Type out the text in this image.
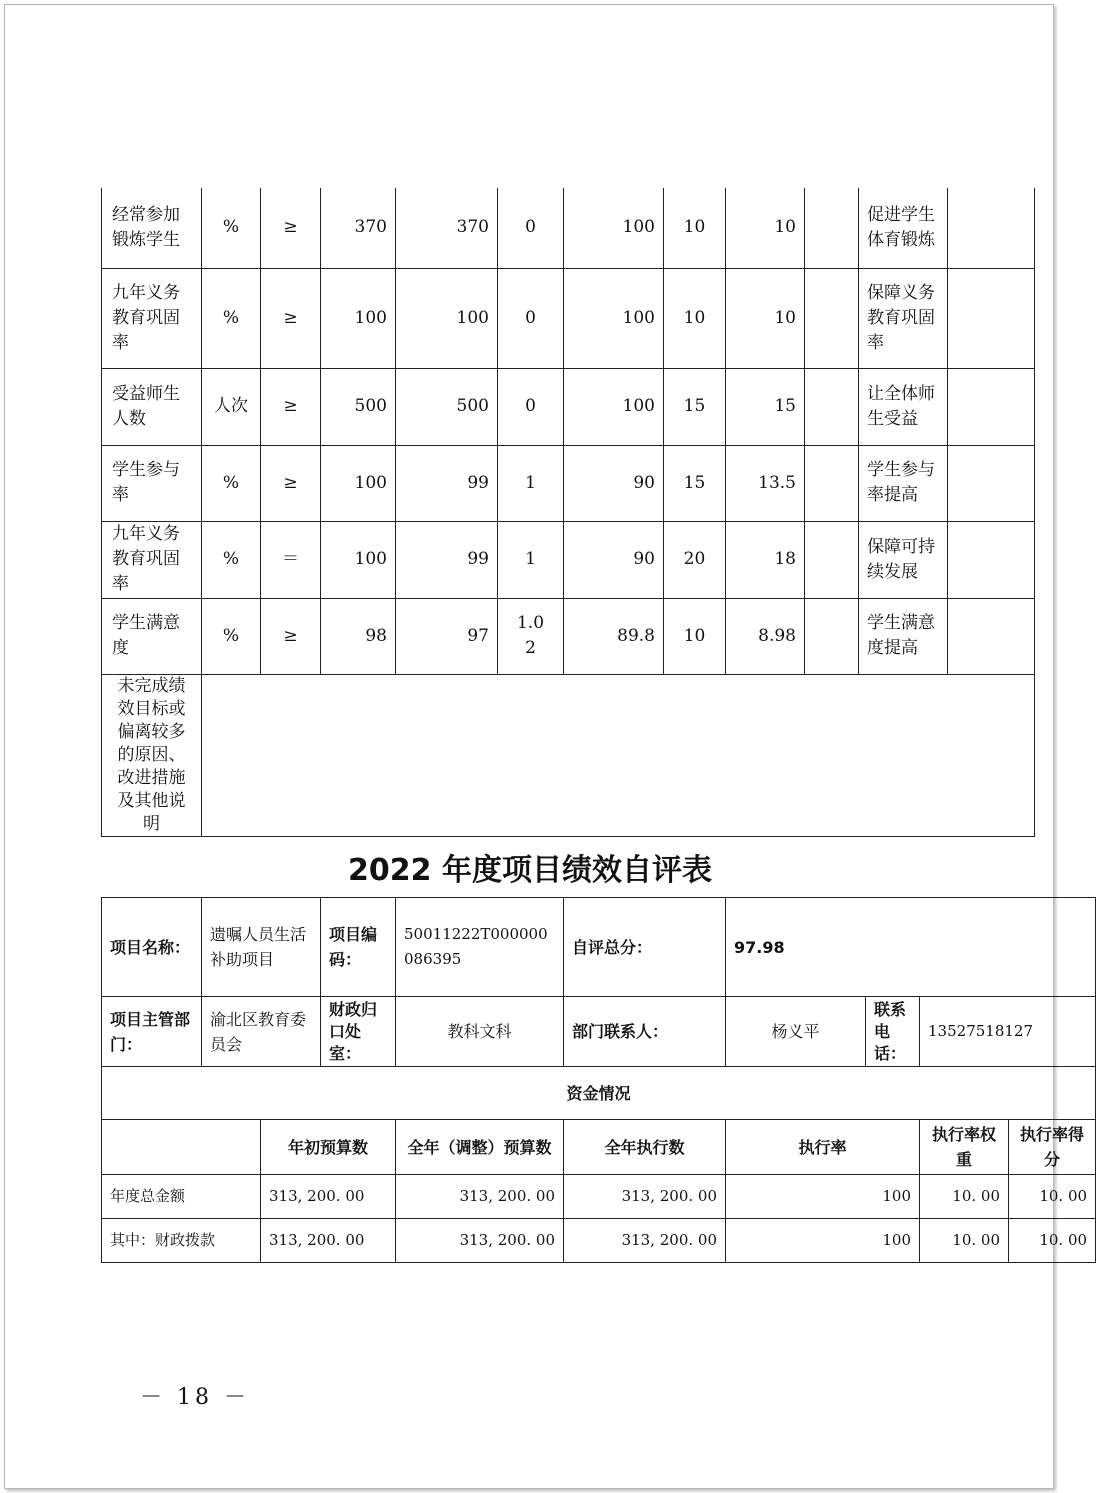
经常参加锻炼学生	%	≥	370	370	0	100	10	10		促进学生体育锻炼	
九年义务教育巩固率	%	≥	100	100	0	100	10	10		保障义务教育巩固率	
受益师生人数	人次	≥	500	500	0	100	15	15		让全体师生受益	
学生参与率	%	≥	100	99	1	90	15	13.5		学生参与率提高	
九年义务教育巩固率	%	＝	100	99	1	90	20	18		保障可持续发展	
学生满意度	%	≥	98	97	1.02	89.8	10	8.98		学生满意度提高	
未完成绩效目标或偏离较多的原因、改进措施及其他说明											
2022 年度项目绩效自评表
项目名称：	遗嘱人员生活补助项目		项目编码：	50011222T000000086395	自评总分：	97.98			
项目主管部门：	渝北区教育委员会		财政归口处室：	教科文科	部门联系人：	杨义平	联系电话：	13527518127	
资金情况									
		年初预算数		全年（调整）预算数	全年执行数	执行率		执行率权重	执行率得分
年度总金额		313, 200. 00		313, 200. 00	313, 200. 00	100		10. 00	10. 00
其中：财政拨款		313, 200. 00		313, 200. 00	313, 200. 00	100		10. 00	10. 00
－ 18 －
